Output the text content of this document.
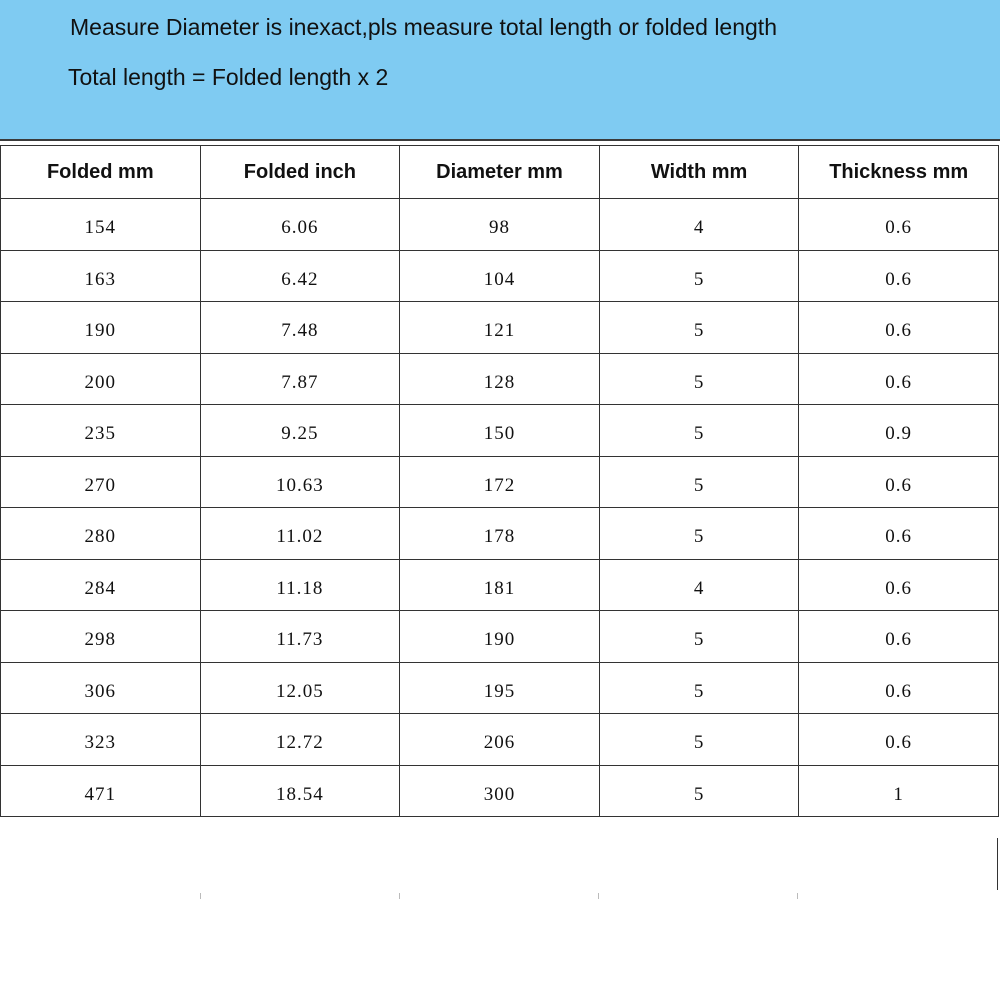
Measure Diameter is inexact,pls measure total length or folded length
Total length = Folded length x 2
Folded mm	Folded inch	Diameter mm	Width mm	Thickness mm
154	6.06	98	4	0.6
163	6.42	104	5	0.6
190	7.48	121	5	0.6
200	7.87	128	5	0.6
235	9.25	150	5	0.9
270	10.63	172	5	0.6
280	11.02	178	5	0.6
284	11.18	181	4	0.6
298	11.73	190	5	0.6
306	12.05	195	5	0.6
323	12.72	206	5	0.6
471	18.54	300	5	1
